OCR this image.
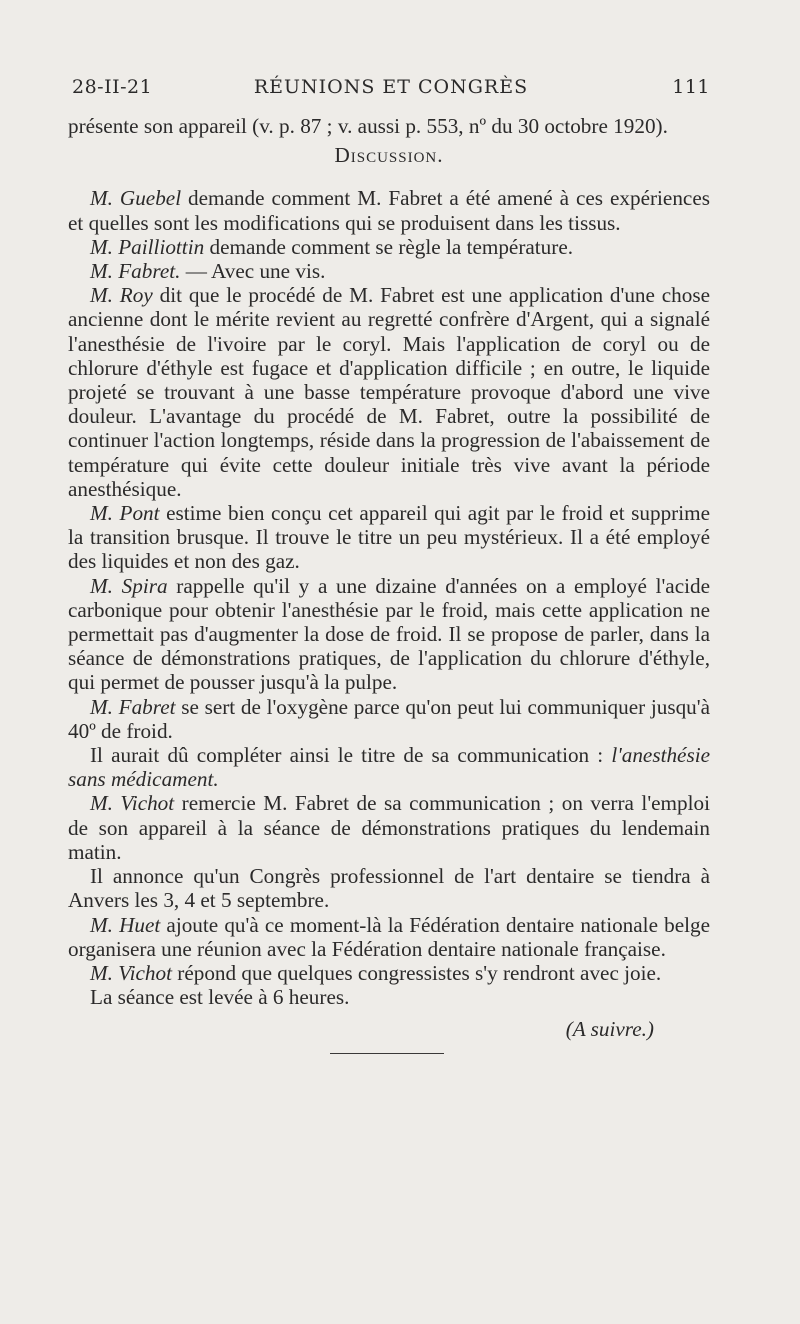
28-II-21	RÉUNIONS ET CONGRÈS	111

présente son appareil (v. p. 87 ; v. aussi p. 553, nº du 30 octobre 1920).

Discussion.

M. Guebel demande comment M. Fabret a été amené à ces expériences et quelles sont les modifications qui se produisent dans les tissus.

M. Pailliottin demande comment se règle la température.

M. Fabret. — Avec une vis.

M. Roy dit que le procédé de M. Fabret est une application d'une chose ancienne dont le mérite revient au regretté confrère d'Argent, qui a signalé l'anesthésie de l'ivoire par le coryl. Mais l'application de coryl ou de chlorure d'éthyle est fugace et d'application difficile ; en outre, le liquide projeté se trouvant à une basse température provoque d'abord une vive douleur. L'avantage du procédé de M. Fabret, outre la possibilité de continuer l'action longtemps, réside dans la progression de l'abaissement de température qui évite cette douleur initiale très vive avant la période anesthésique.

M. Pont estime bien conçu cet appareil qui agit par le froid et supprime la transition brusque. Il trouve le titre un peu mystérieux. Il a été employé des liquides et non des gaz.

M. Spira rappelle qu'il y a une dizaine d'années on a employé l'acide carbonique pour obtenir l'anesthésie par le froid, mais cette application ne permettait pas d'augmenter la dose de froid. Il se propose de parler, dans la séance de démonstrations pratiques, de l'application du chlorure d'éthyle, qui permet de pousser jusqu'à la pulpe.

M. Fabret se sert de l'oxygène parce qu'on peut lui communiquer jusqu'à 40º de froid.

Il aurait dû compléter ainsi le titre de sa communication : l'anesthésie sans médicament.

M. Vichot remercie M. Fabret de sa communication ; on verra l'emploi de son appareil à la séance de démonstrations pratiques du lendemain matin.

Il annonce qu'un Congrès professionnel de l'art dentaire se tiendra à Anvers les 3, 4 et 5 septembre.

M. Huet ajoute qu'à ce moment-là la Fédération dentaire nationale belge organisera une réunion avec la Fédération dentaire nationale française.

M. Vichot répond que quelques congressistes s'y rendront avec joie.

La séance est levée à 6 heures.

(A suivre.)
